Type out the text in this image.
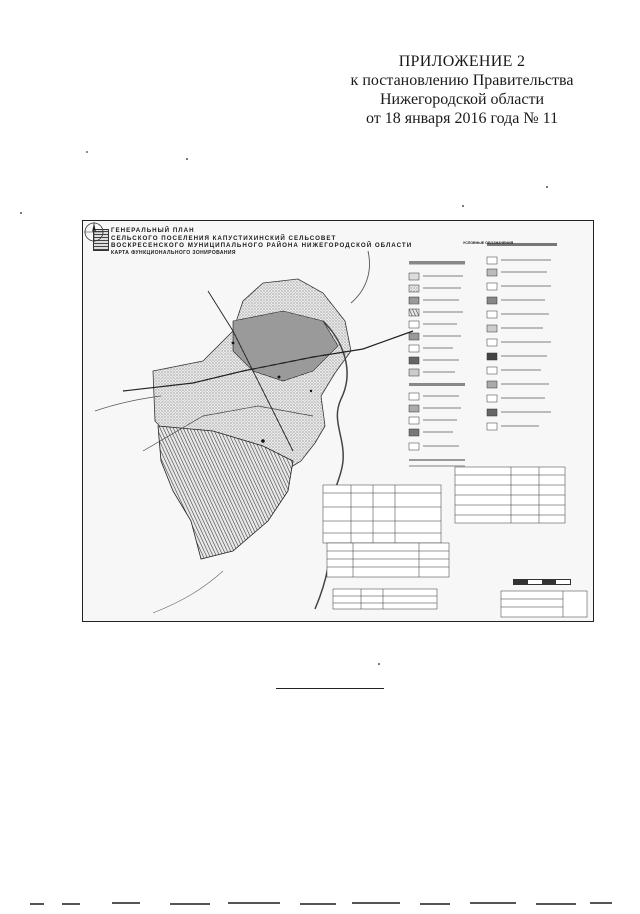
ПРИЛОЖЕНИЕ 2
к постановлению Правительства
Нижегородской области
от 18 января 2016 года № 11
ГЕНЕРАЛЬНЫЙ ПЛАН
СЕЛЬСКОГО ПОСЕЛЕНИЯ КАПУСТИХИНСКИЙ СЕЛЬСОВЕТ
ВОСКРЕСЕНСКОГО МУНИЦИПАЛЬНОГО РАЙОНА НИЖЕГОРОДСКОЙ ОБЛАСТИ
КАРТА ФУНКЦИОНАЛЬНОГО ЗОНИРОВАНИЯ
УСЛОВНЫЕ ОБОЗНАЧЕНИЯ
